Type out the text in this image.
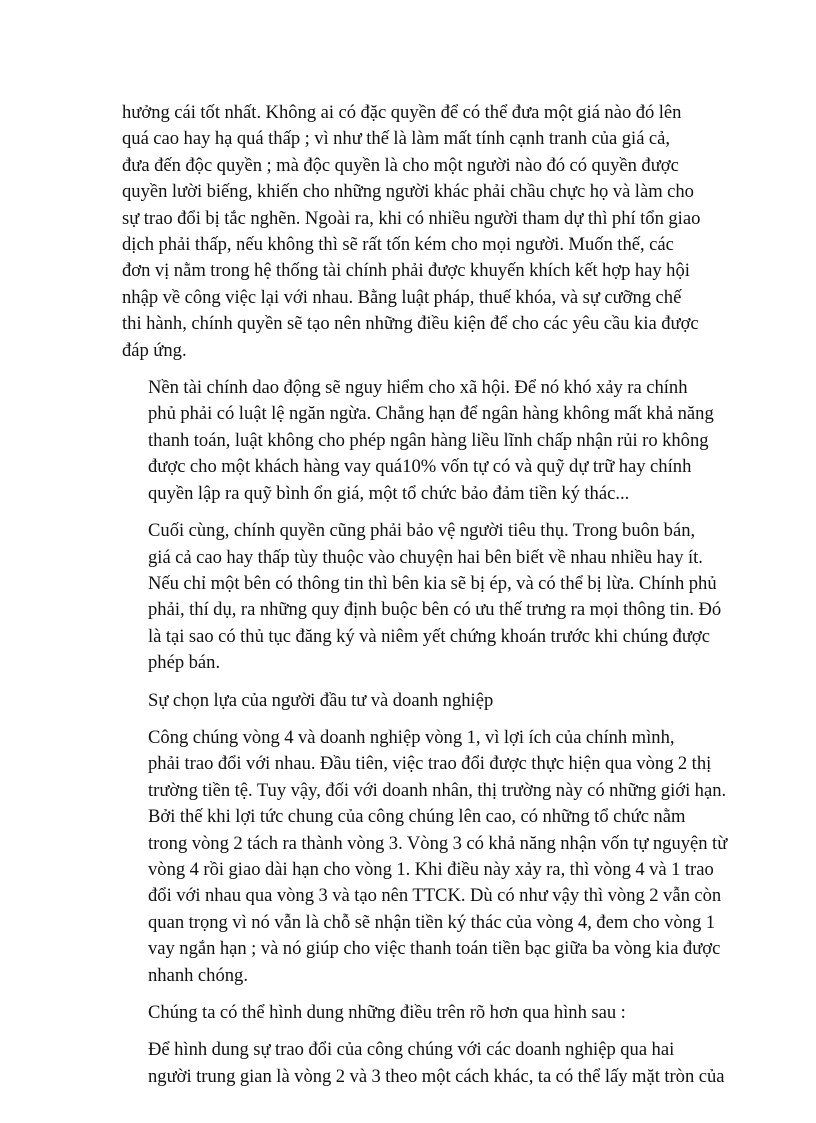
hưởng cái tốt nhất. Không ai có đặc quyền để có thể đưa một giá nào đó lên
quá cao hay hạ quá thấp ; vì như thế là làm mất tính cạnh tranh của giá cả,
đưa đến độc quyền ; mà độc quyền là cho một người nào đó có quyền được
quyền lười biếng, khiến cho những người khác phải chầu chực họ và làm cho
sự trao đổi bị tắc nghẽn. Ngoài ra, khi có nhiều người tham dự thì phí tổn giao
dịch phải thấp, nếu không thì sẽ rất tốn kém cho mọi người. Muốn thế, các
đơn vị nằm trong hệ thống tài chính phải được khuyến khích kết hợp hay hội
nhập về công việc lại với nhau. Bằng luật pháp, thuế khóa, và sự cưỡng chế
thi hành, chính quyền sẽ tạo nên những điều kiện để cho các yêu cầu kia được
đáp ứng.

Nền tài chính dao động sẽ nguy hiểm cho xã hội. Để nó khó xảy ra chính
phủ phải có luật lệ ngăn ngừa. Chẳng hạn để ngân hàng không mất khả năng
thanh toán, luật không cho phép ngân hàng liều lĩnh chấp nhận rủi ro không
được cho một khách hàng vay quá10% vốn tự có và quỹ dự trữ hay chính
quyền lập ra quỹ bình ổn giá, một tổ chức bảo đảm tiền ký thác...

Cuối cùng, chính quyền cũng phải bảo vệ người tiêu thụ. Trong buôn bán,
giá cả cao hay thấp tùy thuộc vào chuyện hai bên biết về nhau nhiều hay ít.
Nếu chỉ một bên có thông tin thì bên kia sẽ bị ép, và có thể bị lừa. Chính phủ
phải, thí dụ, ra những quy định buộc bên có ưu thế trưng ra mọi thông tin. Đó
là tại sao có thủ tục đăng ký và niêm yết chứng khoán trước khi chúng được
phép bán.

Sự chọn lựa của người đầu tư và doanh nghiệp

Công chúng vòng 4 và doanh nghiệp vòng 1, vì lợi ích của chính mình,
phải trao đổi với nhau. Đầu tiên, việc trao đổi được thực hiện qua vòng 2 thị
trường tiền tệ. Tuy vậy, đối với doanh nhân, thị trường này có những giới hạn.
Bởi thế khi lợi tức chung của công chúng lên cao, có những tổ chức nằm
trong vòng 2 tách ra thành vòng 3. Vòng 3 có khả năng nhận vốn tự nguyện từ
vòng 4 rồi giao dài hạn cho vòng 1. Khi điều này xảy ra, thì vòng 4 và 1 trao
đổi với nhau qua vòng 3 và tạo nên TTCK. Dù có như vậy thì vòng 2 vẫn còn
quan trọng vì nó vẫn là chỗ sẽ nhận tiền ký thác của vòng 4, đem cho vòng 1
vay ngắn hạn ; và nó giúp cho việc thanh toán tiền bạc giữa ba vòng kia được
nhanh chóng.

Chúng ta có thể hình dung những điều trên rõ hơn qua hình sau :

Để hình dung sự trao đổi của công chúng với các doanh nghiệp qua hai
người trung gian là vòng 2 và 3 theo một cách khác, ta có thể lấy mặt tròn của
